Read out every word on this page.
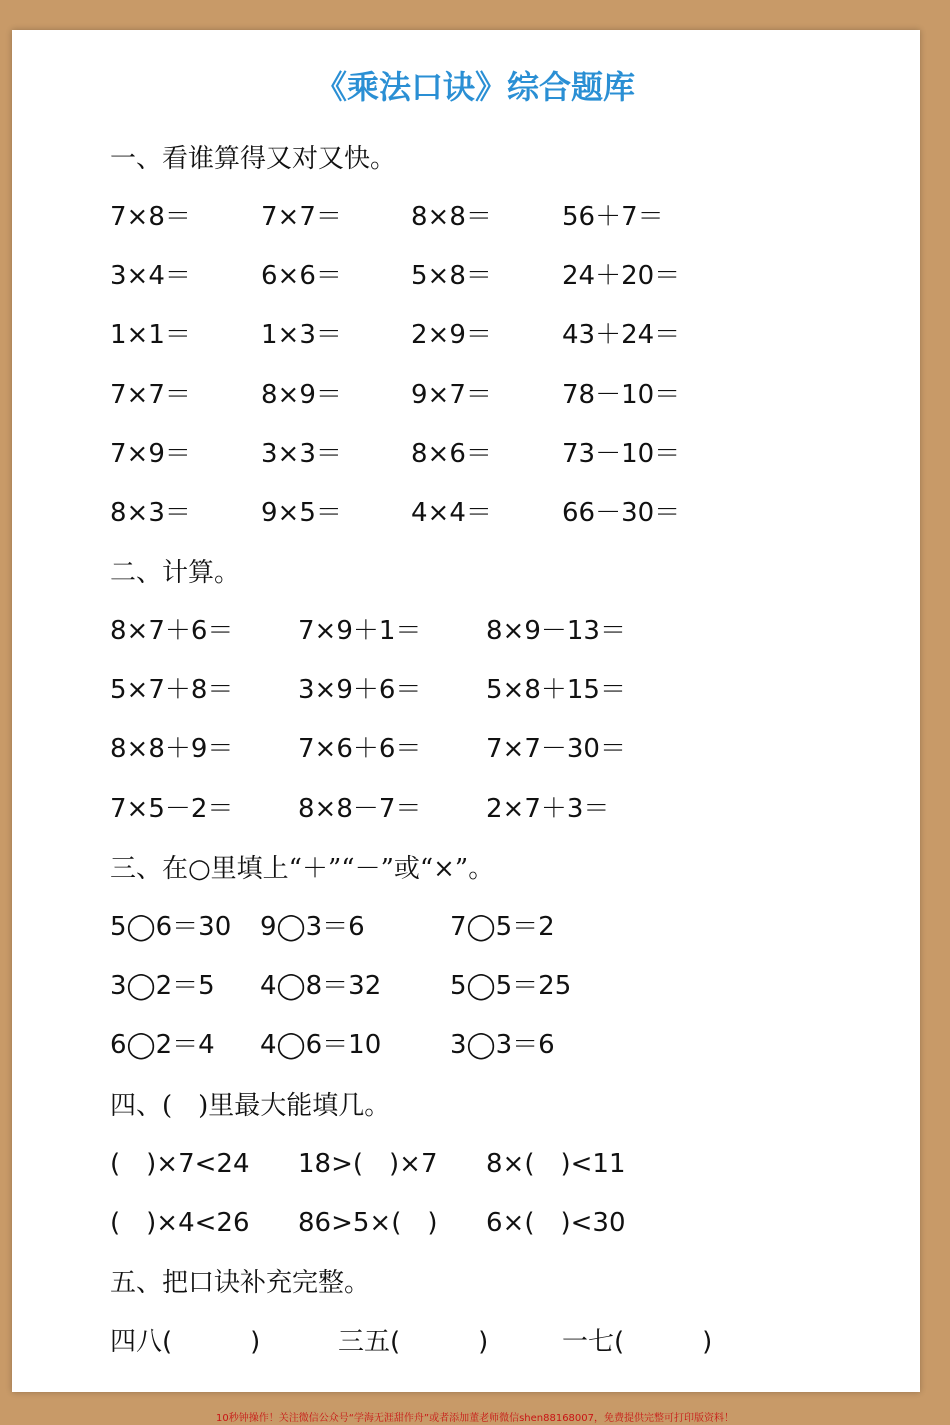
《乘法口诀》综合题库
一、看谁算得又对又快。
7×8＝	7×7＝	8×8＝	56＋7＝
3×4＝	6×6＝	5×8＝	24＋20＝
1×1＝	1×3＝	2×9＝	43＋24＝
7×7＝	8×9＝	9×7＝	78－10＝
7×9＝	3×3＝	8×6＝	73－10＝
8×3＝	9×5＝	4×4＝	66－30＝
二、计算。
8×7＋6＝ 7×9＋1＝ 8×9－13＝
5×7＋8＝ 3×9＋6＝ 5×8＋15＝
8×8＋9＝ 7×6＋6＝ 7×7－30＝
7×5－2＝ 8×8－7＝ 2×7＋3＝
三、在○里填上“＋”“－”或“×”。
5◯6＝30 9◯3＝6	7◯5＝2
3◯2＝5 4◯8＝32	5◯5＝25
6◯2＝4 4◯6＝10	3◯3＝6
四、(　)里最大能填几。
(　)×7<24 18>(　)×7 8×(　)<11
(　)×4<26 86>5×(　) 6×(　)<30
五、把口诀补充完整。
四八(　　　)	三五(　　　)	一七(　　　)
10秒钟操作！关注微信公众号“学海无涯甜作舟”或者添加董老师微信shen88168007，免费提供完整可打印版资料！
